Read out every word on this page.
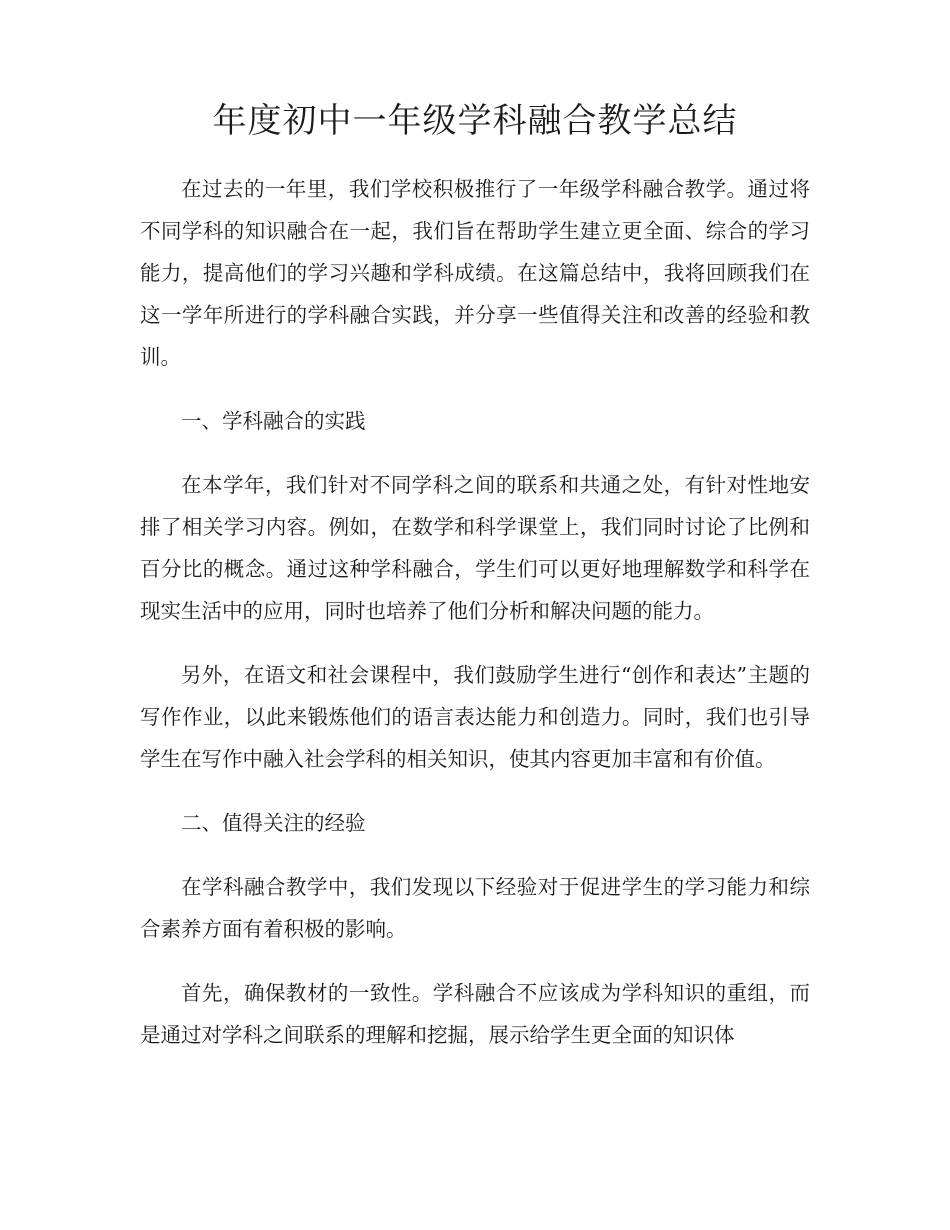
年度初中一年级学科融合教学总结

在过去的一年里，我们学校积极推行了一年级学科融合教学。通过将不同学科的知识融合在一起，我们旨在帮助学生建立更全面、综合的学习能力，提高他们的学习兴趣和学科成绩。在这篇总结中，我将回顾我们在这一学年所进行的学科融合实践，并分享一些值得关注和改善的经验和教训。

一、学科融合的实践

在本学年，我们针对不同学科之间的联系和共通之处，有针对性地安排了相关学习内容。例如，在数学和科学课堂上，我们同时讨论了比例和百分比的概念。通过这种学科融合，学生们可以更好地理解数学和科学在现实生活中的应用，同时也培养了他们分析和解决问题的能力。

另外，在语文和社会课程中，我们鼓励学生进行“创作和表达”主题的写作作业，以此来锻炼他们的语言表达能力和创造力。同时，我们也引导学生在写作中融入社会学科的相关知识，使其内容更加丰富和有价值。

二、值得关注的经验

在学科融合教学中，我们发现以下经验对于促进学生的学习能力和综合素养方面有着积极的影响。

首先，确保教材的一致性。学科融合不应该成为学科知识的重组，而是通过对学科之间联系的理解和挖掘，展示给学生更全面的知识体
